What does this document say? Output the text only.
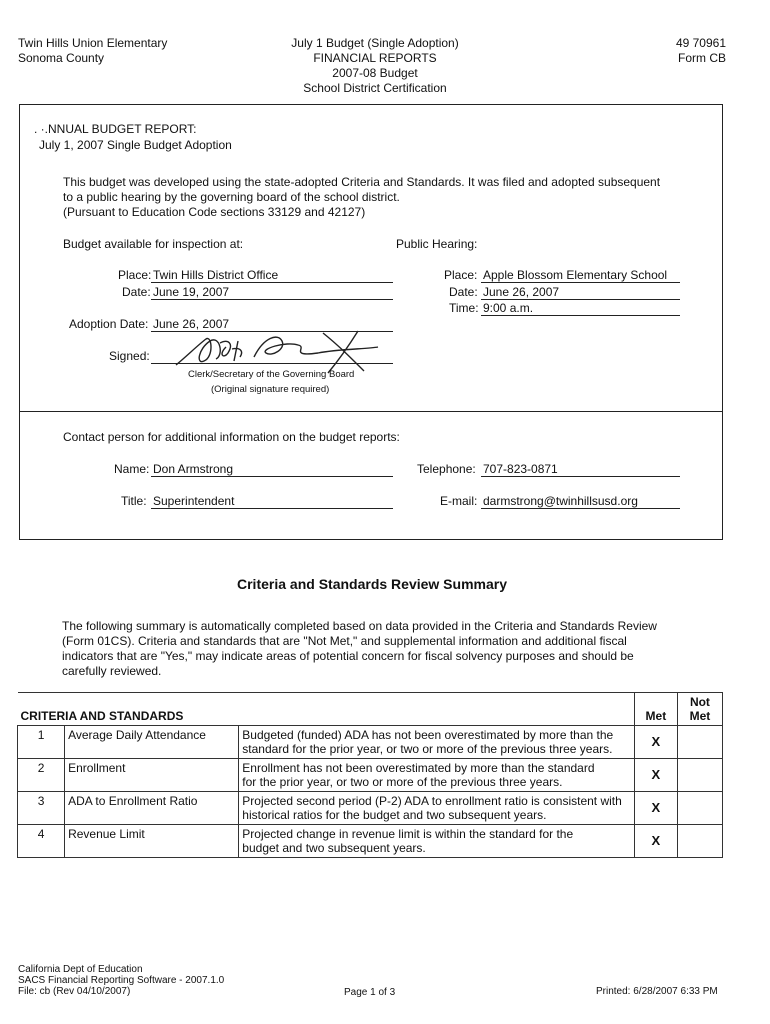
Twin Hills Union Elementary
Sonoma County
July 1 Budget (Single Adoption)
FINANCIAL REPORTS
2007-08 Budget
School District Certification
49 70961
Form CB
. ·.NNUAL BUDGET REPORT:
July 1, 2007 Single Budget Adoption
This budget was developed using the state-adopted Criteria and Standards. It was filed and adopted subsequent
to a public hearing by the governing board of the school district.
(Pursuant to Education Code sections 33129 and 42127)
Budget available for inspection at:	Public Hearing:
Place: Twin Hills District Office
Date: June 19, 2007
Place: Apple Blossom Elementary School
Date: June 26, 2007
Time: 9:00 a.m.
Adoption Date: June 26, 2007
Signed:
Clerk/Secretary of the Governing Board
(Original signature required)
Contact person for additional information on the budget reports:
Name: Don Armstrong	Telephone: 707-823-0871
Title: Superintendent	E-mail: darmstrong@twinhillsusd.org
Criteria and Standards Review Summary
The following summary is automatically completed based on data provided in the Criteria and Standards Review
(Form 01CS). Criteria and standards that are "Not Met," and supplemental information and additional fiscal
indicators that are "Yes," may indicate areas of potential concern for fiscal solvency purposes and should be
carefully reviewed.
CRITERIA AND STANDARDS			Met	Not
Met

1	Average Daily Attendance	Budgeted (funded) ADA has not been overestimated by more than the
standard for the prior year, or two or more of the previous three years.	X	
2	Enrollment	Enrollment has not been overestimated by more than the standard
for the prior year, or two or more of the previous three years.	X	
3	ADA to Enrollment Ratio	Projected second period (P-2) ADA to enrollment ratio is consistent with
historical ratios for the budget and two subsequent years.	X	
4	Revenue Limit	Projected change in revenue limit is within the standard for the
budget and two subsequent years.	X	
California Dept of Education
SACS Financial Reporting Software - 2007.1.0
File: cb (Rev 04/10/2007)	Page 1 of 3	Printed: 6/28/2007 6:33 PM
